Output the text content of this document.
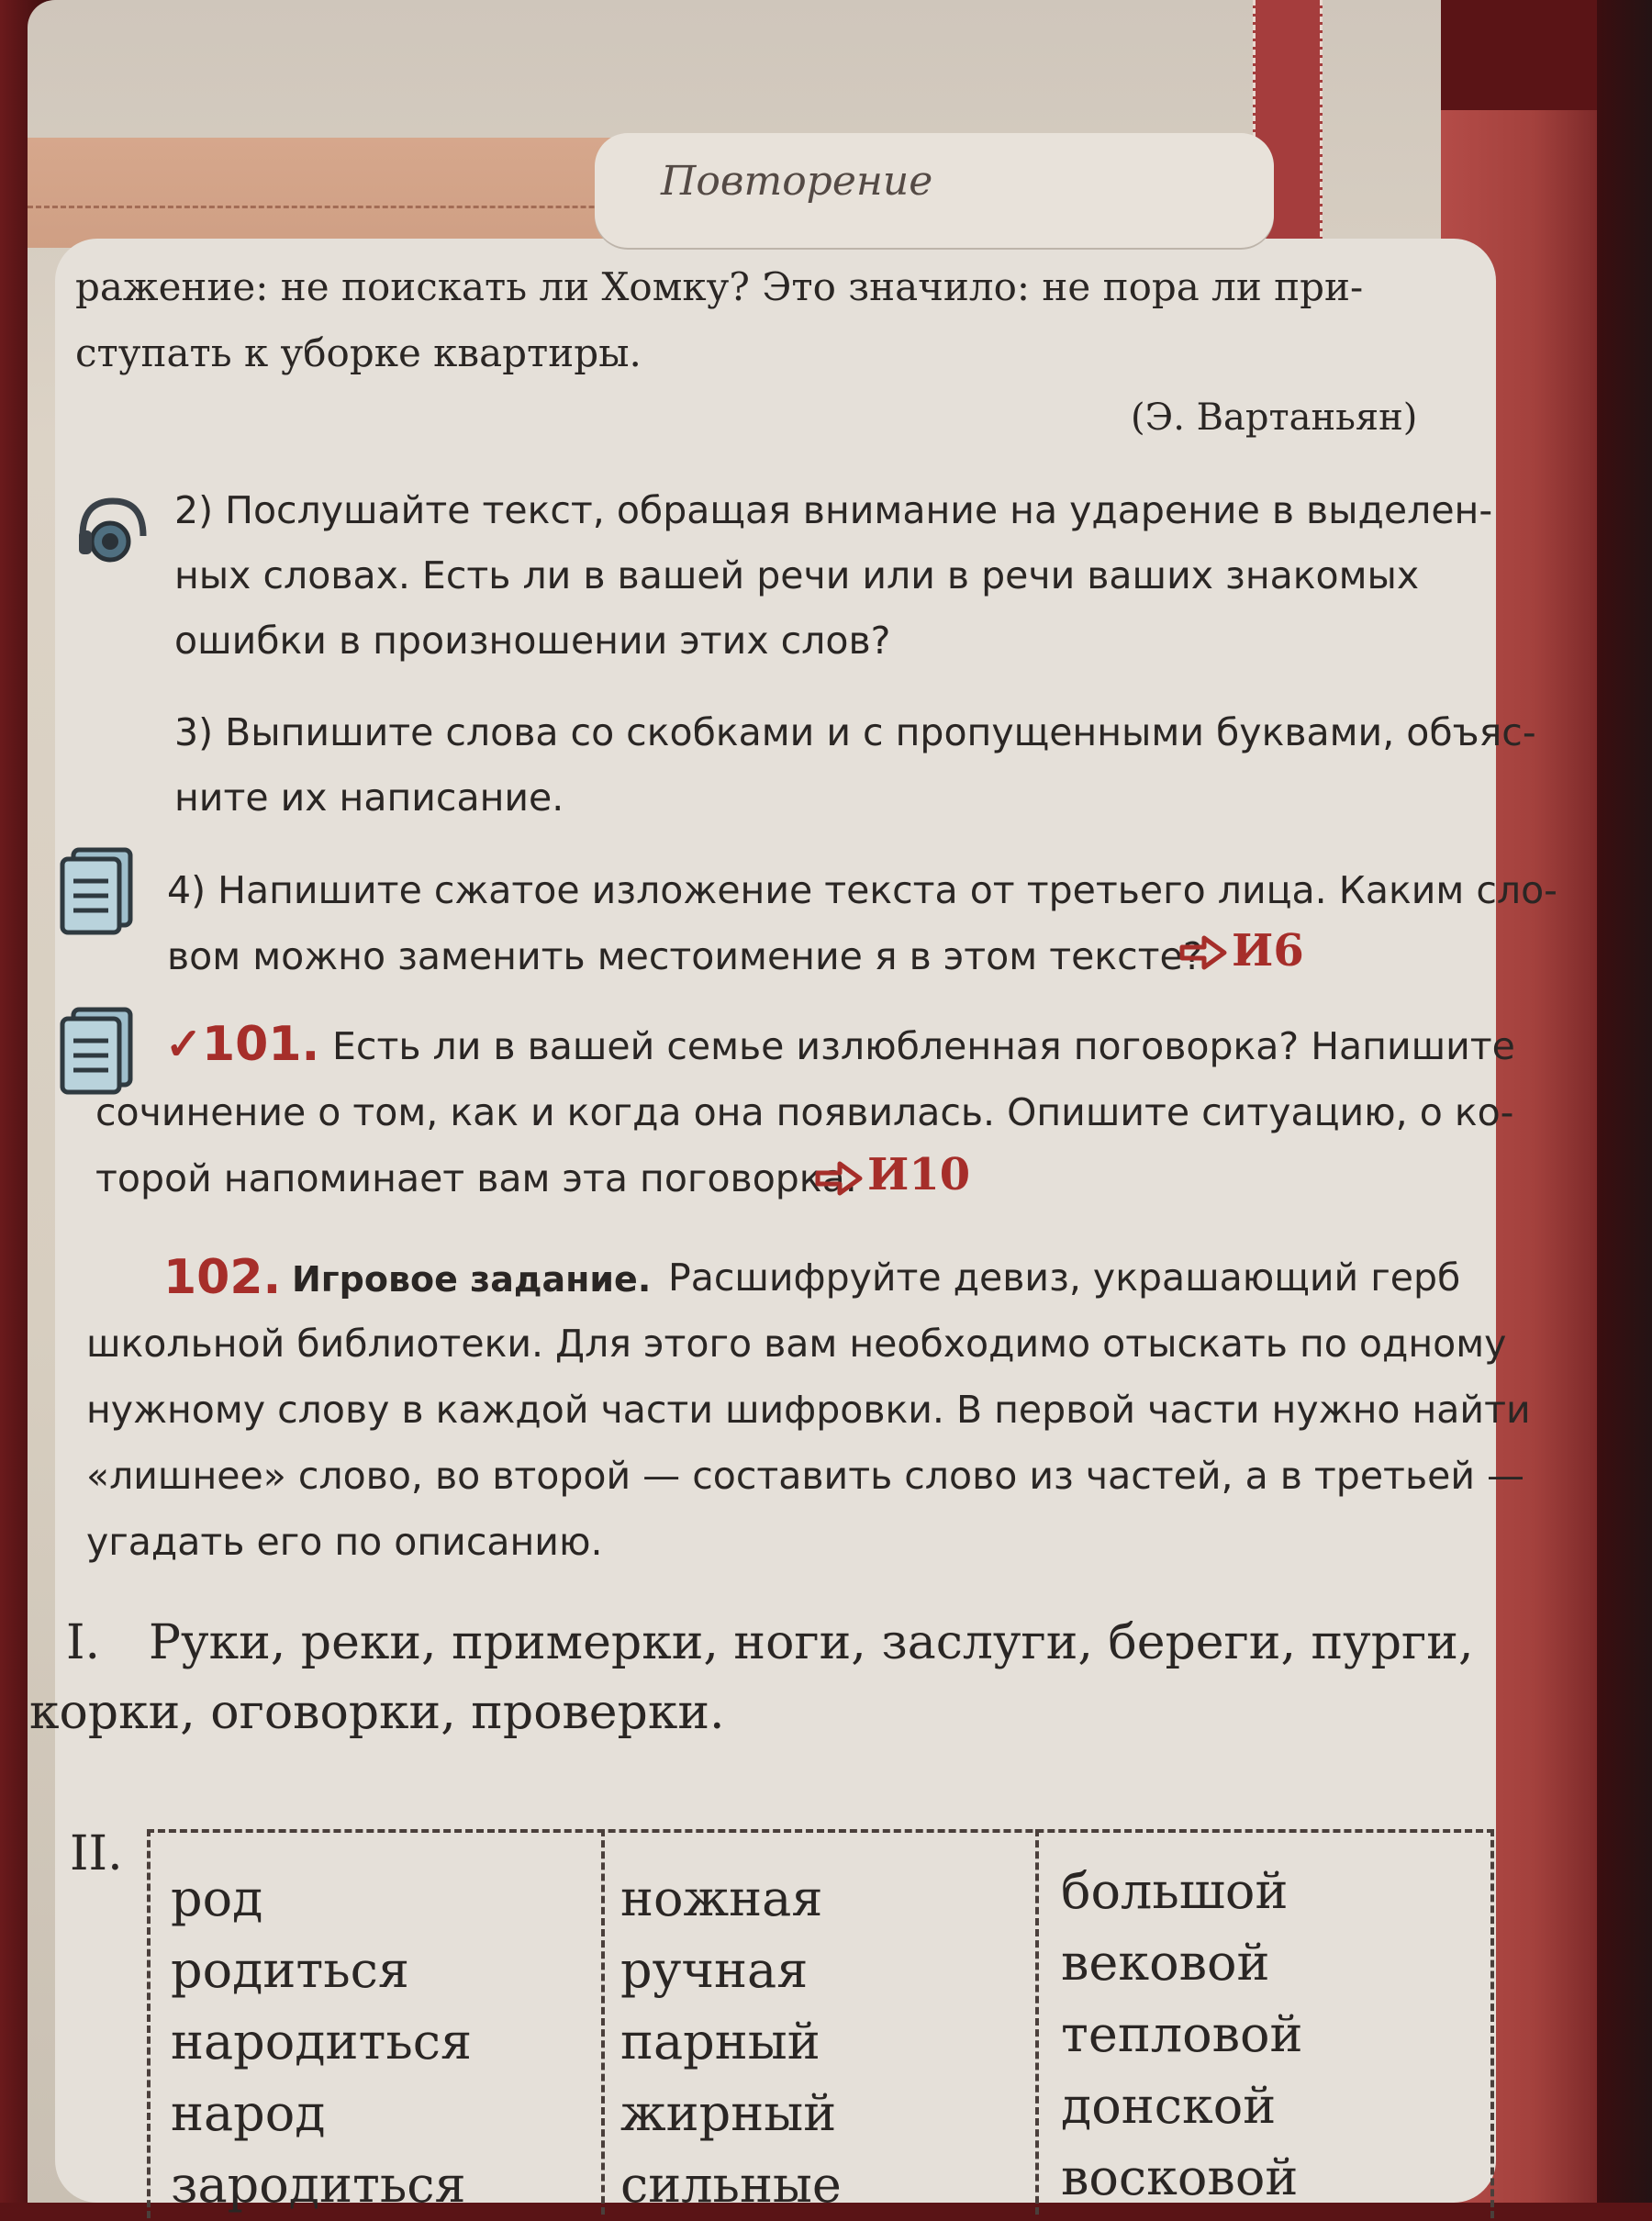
Повторение
ражение: не поискать ли Хомку? Это значило: не пора ли при-
ступать к уборке квартиры.
(Э. Вартаньян)
2) Послушайте текст, обращая внимание на ударение в выделен-
ных словах. Есть ли в вашей речи или в речи ваших знакомых
ошибки в произношении этих слов?
3) Выпишите слова со скобками и с пропущенными буквами, объяс-
ните их написание.
4) Напишите сжатое изложение текста от третьего лица. Каким сло-
вом можно заменить местоимение я в этом тексте? И6
✓ 101. Есть ли в вашей семье излюбленная поговорка? Напишите
сочинение о том, как и когда она появилась. Опишите ситуацию, о ко-
торой напоминает вам эта поговорка. И10
102. Игровое задание. Расшифруйте девиз, украшающий герб
школьной библиотеки. Для этого вам необходимо отыскать по одному
нужному слову в каждой части шифровки. В первой части нужно найти
«лишнее» слово, во второй — составить слово из частей, а в третьей —
угадать его по описанию.
I. Руки, реки, примерки, ноги, заслуги, береги, пурги,
корки, оговорки, проверки.
II.
род
родиться
народиться
народ
зародиться
ножная
ручная
парный
жирный
сильные
большой
вековой
тепловой
донской
восковой
